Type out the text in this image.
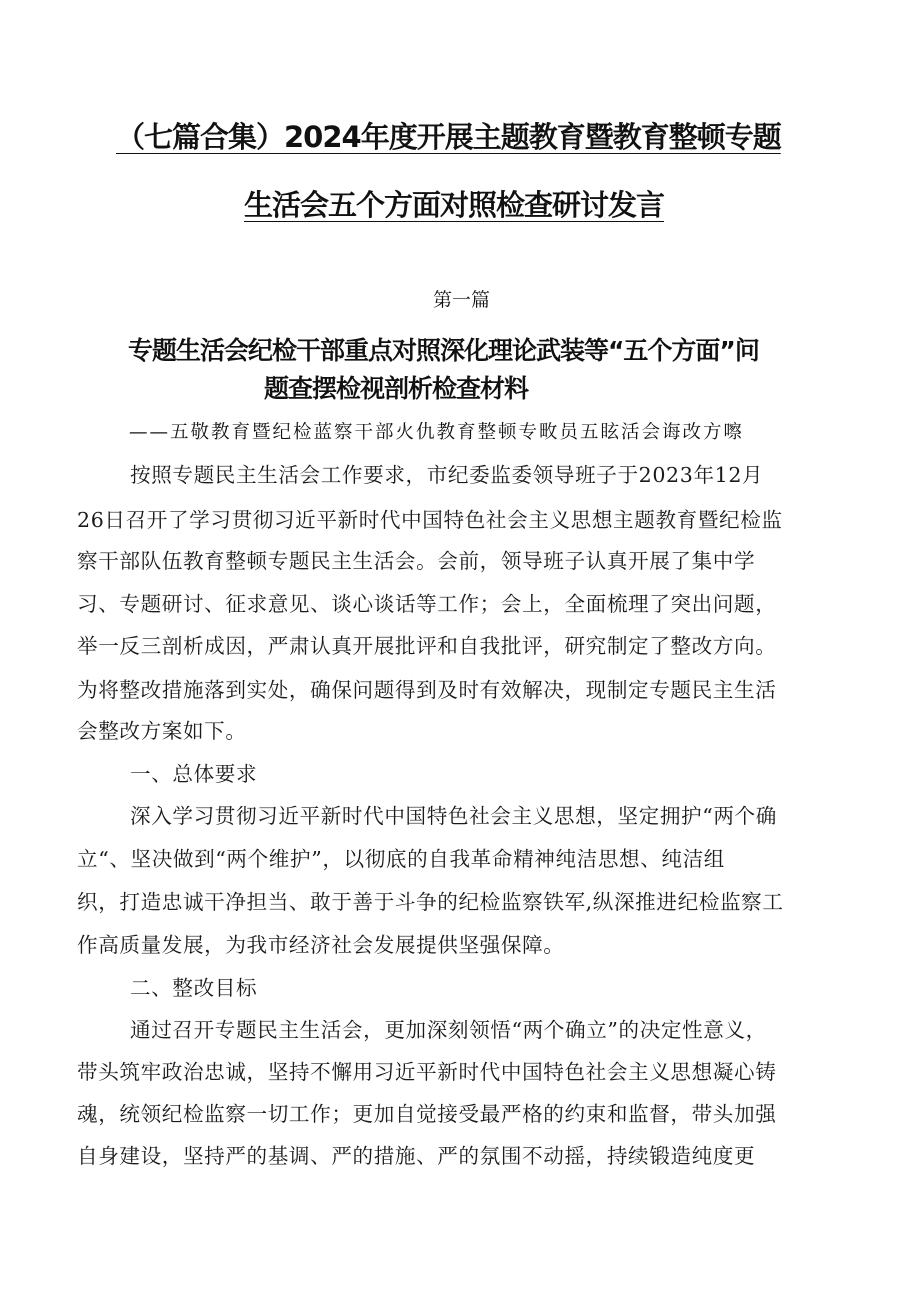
（七篇合集）2024年度开展主题教育暨教育整顿专题

生活会五个方面对照检查研讨发言

第一篇

专题生活会纪检干部重点对照深化理论武装等“五个方面”问

题查摆检视剖析检查材料

——五敬教育暨纪检蓝察干部火仇教育整顿专畋员五眩活会诲改方嚓

按照专题民主生活会工作要求，市纪委监委领导班子于2023年12月

26日召开了学习贯彻习近平新时代中国特色社会主义思想主题教育暨纪检监

察干部队伍教育整顿专题民主生活会。会前，领导班子认真开展了集中学

习、专题研讨、征求意见、谈心谈话等工作；会上，全面梳理了突出问题，

举一反三剖析成因，严肃认真开展批评和自我批评，研究制定了整改方向。

为将整改措施落到实处，确保问题得到及时有效解决，现制定专题民主生活

会整改方案如下。

一、总体要求

深入学习贯彻习近平新时代中国特色社会主义思想，坚定拥护“两个确

立“、坚决做到“两个维护”，以彻底的自我革命精神纯洁思想、纯洁组

织，打造忠诚干净担当、敢于善于斗争的纪检监察铁军,纵深推进纪检监察工

作高质量发展，为我市经济社会发展提供坚强保障。

二、整改目标

通过召开专题民主生活会，更加深刻领悟“两个确立”的决定性意义，

带头筑牢政治忠诚，坚持不懈用习近平新时代中国特色社会主义思想凝心铸

魂，统领纪检监察一切工作；更加自觉接受最严格的约束和监督，带头加强

自身建设，坚持严的基调、严的措施、严的氛围不动摇，持续锻造纯度更
